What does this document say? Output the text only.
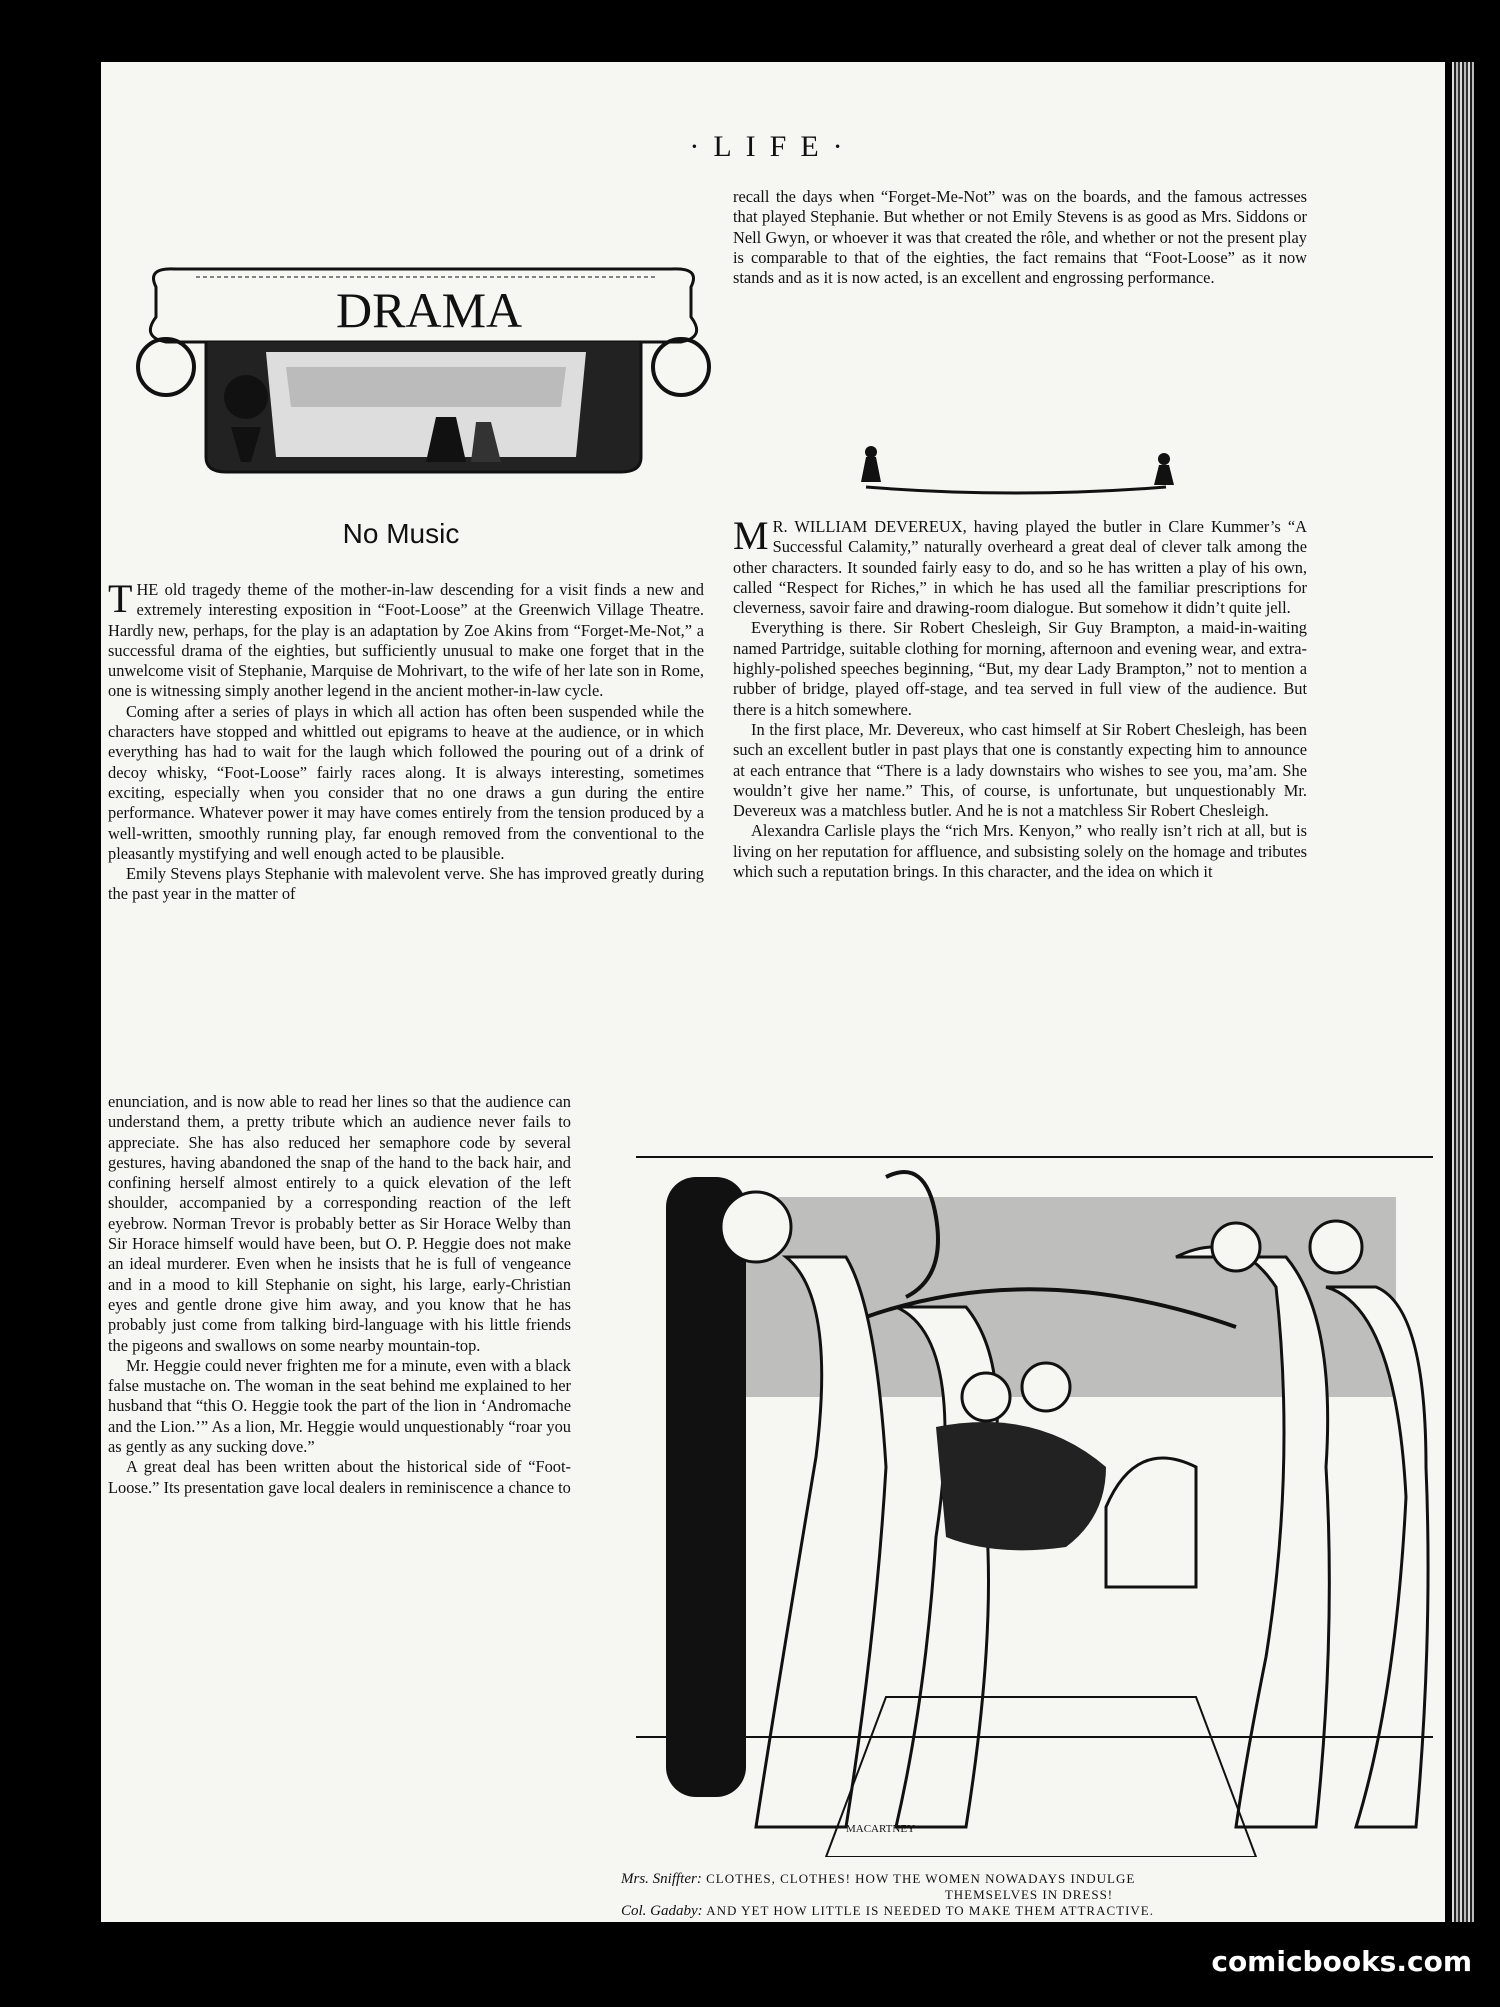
·LIFE·
DRAMA
No Music

THE old tragedy theme of the mother-in-law descending for a visit finds a new and extremely interesting exposition in “Foot-Loose” at the Greenwich Village Theatre. Hardly new, perhaps, for the play is an adaptation by Zoe Akins from “Forget-Me-Not,” a successful drama of the eighties, but sufficiently unusual to make one forget that in the unwelcome visit of Stephanie, Marquise de Mohrivart, to the wife of her late son in Rome, one is witnessing simply another legend in the ancient mother-in-law cycle.

Coming after a series of plays in which all action has often been suspended while the characters have stopped and whittled out epigrams to heave at the audience, or in which everything has had to wait for the laugh which followed the pouring out of a drink of decoy whisky, “Foot-Loose” fairly races along. It is always interesting, sometimes exciting, especially when you consider that no one draws a gun during the entire performance. Whatever power it may have comes entirely from the tension produced by a well-written, smoothly running play, far enough removed from the conventional to the pleasantly mystifying and well enough acted to be plausible.

Emily Stevens plays Stephanie with malevolent verve. She has improved greatly during the past year in the matter of

enunciation, and is now able to read her lines so that the audience can understand them, a pretty tribute which an audience never fails to appreciate. She has also reduced her semaphore code by several gestures, having abandoned the snap of the hand to the back hair, and confining herself almost entirely to a quick elevation of the left shoulder, accompanied by a corresponding reaction of the left eyebrow. Norman Trevor is probably better as Sir Horace Welby than Sir Horace himself would have been, but O. P. Heggie does not make an ideal murderer. Even when he insists that he is full of vengeance and in a mood to kill Stephanie on sight, his large, early-Christian eyes and gentle drone give him away, and you know that he has probably just come from talking bird-language with his little friends the pigeons and swallows on some nearby mountain-top.

Mr. Heggie could never frighten me for a minute, even with a black false mustache on. The woman in the seat behind me explained to her husband that “this O. Heggie took the part of the lion in ‘Andromache and the Lion.’” As a lion, Mr. Heggie would unquestionably “roar you as gently as any sucking dove.”

A great deal has been written about the historical side of “Foot-Loose.” Its presentation gave local dealers in reminiscence a chance to

recall the days when “Forget-Me-Not” was on the boards, and the famous actresses that played Stephanie. But whether or not Emily Stevens is as good as Mrs. Siddons or Nell Gwyn, or whoever it was that created the rôle, and whether or not the present play is comparable to that of the eighties, the fact remains that “Foot-Loose” as it now stands and as it is now acted, is an excellent and engrossing performance.

M R. WILLIAM DEVEREUX, having played the butler in Clare Kummer’s “A Successful Calamity,” naturally overheard a great deal of clever talk among the other characters. It sounded fairly easy to do, and so he has written a play of his own, called “Respect for Riches,” in which he has used all the familiar prescriptions for cleverness, savoir faire and drawing-room dialogue. But somehow it didn’t quite jell.

Everything is there. Sir Robert Chesleigh, Sir Guy Brampton, a maid-in-waiting named Partridge, suitable clothing for morning, afternoon and evening wear, and extra-highly-polished speeches beginning, “But, my dear Lady Brampton,” not to mention a rubber of bridge, played off-stage, and tea served in full view of the audience. But there is a hitch somewhere.

In the first place, Mr. Devereux, who cast himself at Sir Robert Chesleigh, has been such an excellent butler in past plays that one is constantly expecting him to announce at each entrance that “There is a lady downstairs who wishes to see you, ma’am. She wouldn’t give her name.” This, of course, is unfortunate, but unquestionably Mr. Devereux was a matchless butler. And he is not a matchless Sir Robert Chesleigh.

Alexandra Carlisle plays the “rich Mrs. Kenyon,” who really isn’t rich at all, but is living on her reputation for affluence, and subsisting solely on the homage and tributes which such a reputation brings. In this character, and the idea on which it

MACARTNEY
Mrs. Sniffter: CLOTHES, CLOTHES! HOW THE WOMEN NOWADAYS INDULGE
THEMSELVES IN DRESS!
Col. Gadaby: AND YET HOW LITTLE IS NEEDED TO MAKE THEM ATTRACTIVE.
comicbooks.com
